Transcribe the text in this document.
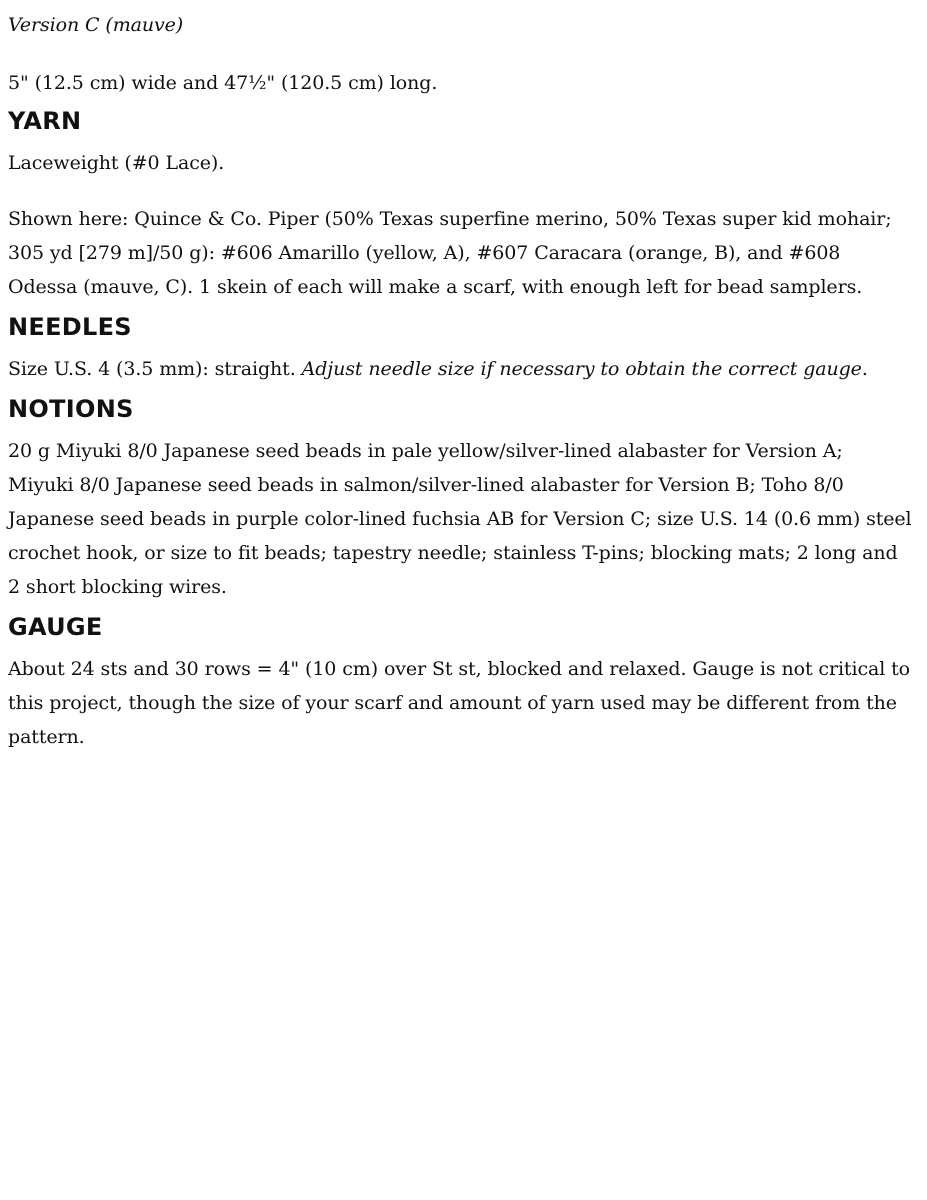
Version C (mauve)

5" (12.5 cm) wide and 47½" (120.5 cm) long.

YARN

Laceweight (#0 Lace).

Shown here: Quince & Co. Piper (50% Texas superfine merino, 50% Texas super kid mohair; 305 yd [279 m]/50 g): #606 Amarillo (yellow, A), #607 Caracara (orange, B), and #608 Odessa (mauve, C). 1 skein of each will make a scarf, with enough left for bead samplers.

NEEDLES

Size U.S. 4 (3.5 mm): straight. Adjust needle size if necessary to obtain the correct gauge.

NOTIONS

20 g Miyuki 8/0 Japanese seed beads in pale yellow/silver-lined alabaster for Version A; Miyuki 8/0 Japanese seed beads in salmon/silver-lined alabaster for Version B; Toho 8/0 Japanese seed beads in purple color-lined fuchsia AB for Version C; size U.S. 14 (0.6 mm) steel crochet hook, or size to fit beads; tapestry needle; stainless T-pins; blocking mats; 2 long and 2 short blocking wires.

GAUGE

About 24 sts and 30 rows = 4" (10 cm) over St st, blocked and relaxed. Gauge is not critical to this project, though the size of your scarf and amount of yarn used may be different from the pattern.
